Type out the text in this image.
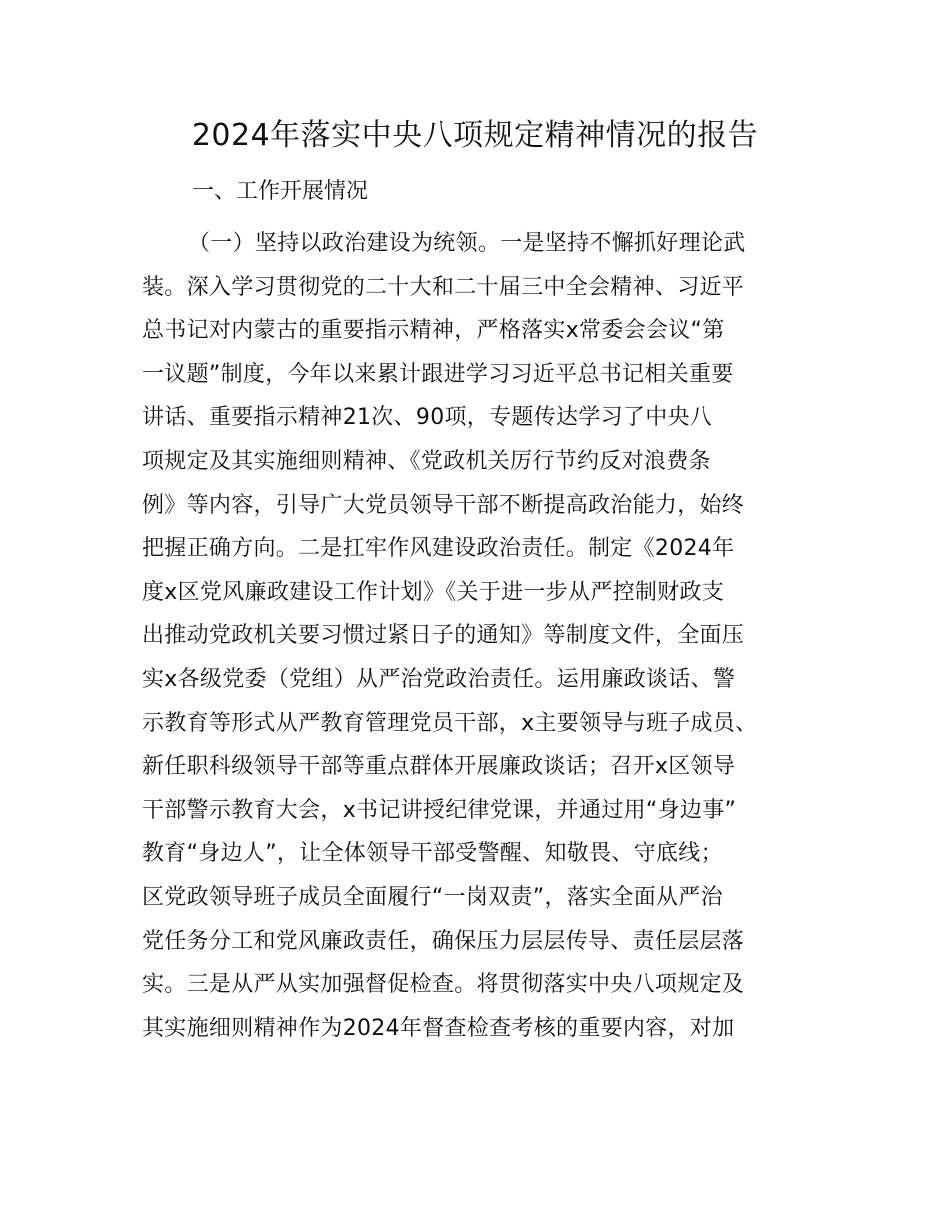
2024年落实中央八项规定精神情况的报告
一、工作开展情况
（一）坚持以政治建设为统领。一是坚持不懈抓好理论武
装。深入学习贯彻党的二十大和二十届三中全会精神、习近平
总书记对内蒙古的重要指示精神，严格落实x常委会会议“第
一议题”制度，今年以来累计跟进学习习近平总书记相关重要
讲话、重要指示精神21次、90项，专题传达学习了中央八
项规定及其实施细则精神、《党政机关厉行节约反对浪费条
例》等内容，引导广大党员领导干部不断提高政治能力，始终
把握正确方向。二是扛牢作风建设政治责任。制定《2024年
度x区党风廉政建设工作计划》《关于进一步从严控制财政支
出推动党政机关要习惯过紧日子的通知》等制度文件，全面压
实x各级党委（党组）从严治党政治责任。运用廉政谈话、警
示教育等形式从严教育管理党员干部，x主要领导与班子成员、
新任职科级领导干部等重点群体开展廉政谈话；召开x区领导
干部警示教育大会，x书记讲授纪律党课，并通过用“身边事”
教育“身边人”，让全体领导干部受警醒、知敬畏、守底线；
区党政领导班子成员全面履行“一岗双责”，落实全面从严治
党任务分工和党风廉政责任，确保压力层层传导、责任层层落
实。三是从严从实加强督促检查。将贯彻落实中央八项规定及
其实施细则精神作为2024年督查检查考核的重要内容，对加
